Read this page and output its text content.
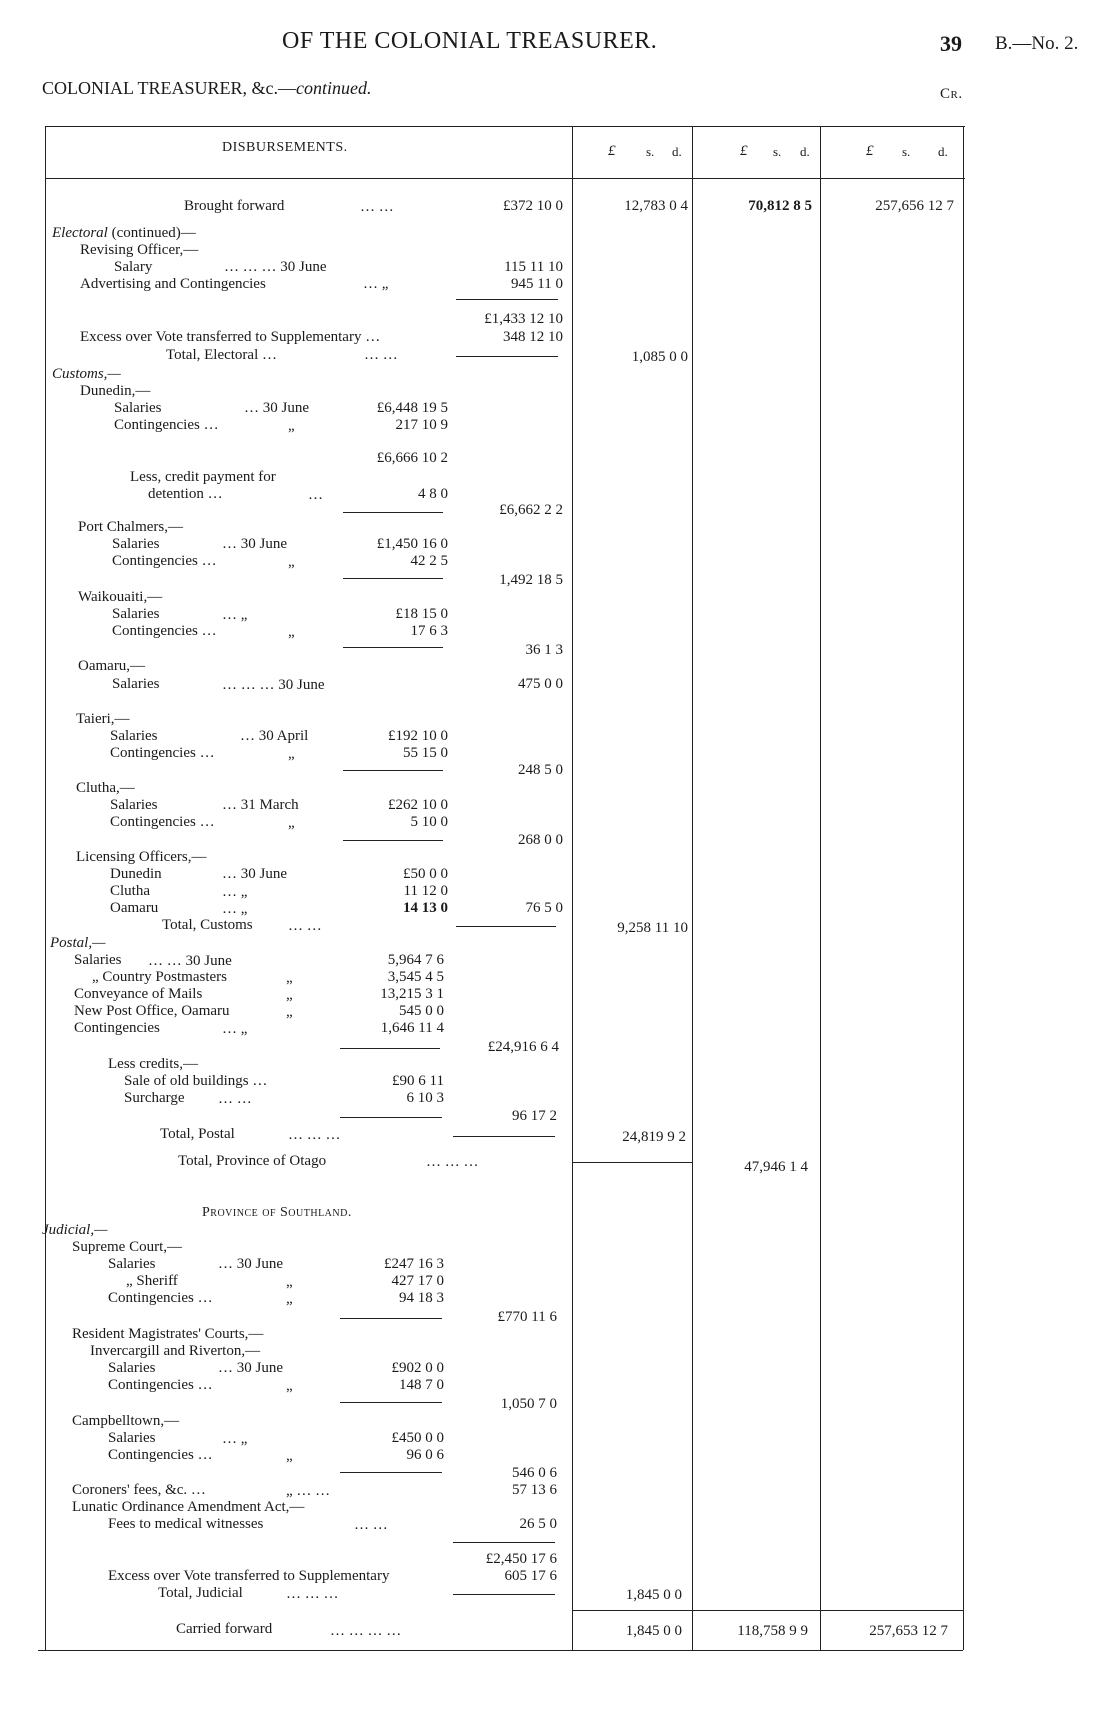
OF THE COLONIAL TREASURER.	39 B.—No. 2.
COLONIAL TREASURER, &c.—continued.	Cr.
DISBURSEMENTS.	£ s. d.	£ s. d.	£ s. d.
Brought forward	… …	£372 10 0	12,783 0 4	70,812 8 5	257,656 12 7
Electoral (continued)—
Revising Officer,—
Salary	… … … 30 June	115 11 10
Advertising and Contingencies	… „	945 11 0
£1,433 12 10
Excess over Vote transferred to Supplementary …	348 12 10
Total, Electoral …	… …	1,085 0 0
Customs,—
Dunedin,—
Salaries	… 30 June	£6,448 19 5
Contingencies …	„	217 10 9
£6,666 10 2
Less, credit payment for
detention …	…	4 8 0
£6,662 2 2
Port Chalmers,—
Salaries	… 30 June	£1,450 16 0
Contingencies …	„	42 2 5
1,492 18 5
Waikouaiti,—
Salaries	… „	£18 15 0
Contingencies …	„	17 6 3
36 1 3
Oamaru,—
Salaries	… … … 30 June	475 0 0
Taieri,—
Salaries	… 30 April	£192 10 0
Contingencies …	„	55 15 0
248 5 0
Clutha,—
Salaries	… 31 March	£262 10 0
Contingencies …	„	5 10 0
268 0 0
Licensing Officers,—
Dunedin	… 30 June	£50 0 0
Clutha	… „	11 12 0
Oamaru	… „	14 13 0	76 5 0
Total, Customs … …	9,258 11 10
Postal,—
Salaries … … 30 June	5,964 7 6
„ Country Postmasters	„	3,545 4 5
Conveyance of Mails	„	13,215 3 1
New Post Office, Oamaru	„	545 0 0
Contingencies	… „	1,646 11 4
£24,916 6 4
Less credits,—
Sale of old buildings …	£90 6 11
Surcharge … …	6 10 3
96 17 2
Total, Postal	… … …	24,819 9 2
Total, Province of Otago	… … …	47,946 1 4
Province of Southland.
Judicial,—
Supreme Court,—
Salaries	… 30 June	£247 16 3
„ Sheriff	„	427 17 0
Contingencies …	„	94 18 3
£770 11 6
Resident Magistrates' Courts,—
Invercargill and Riverton,—
Salaries	… 30 June	£902 0 0
Contingencies …	„	148 7 0
1,050 7 0
Campbelltown,—
Salaries	… „	£450 0 0
Contingencies …	„	96 0 6
546 0 6
Coroners' fees, &c. …	„ … …	57 13 6
Lunatic Ordinance Amendment Act,—
Fees to medical witnesses	… …	26 5 0
£2,450 17 6
Excess over Vote transferred to Supplementary	605 17 6
Total, Judicial	… … …	1,845 0 0
Carried forward	… … … …	1,845 0 0	118,758 9 9	257,653 12 7
